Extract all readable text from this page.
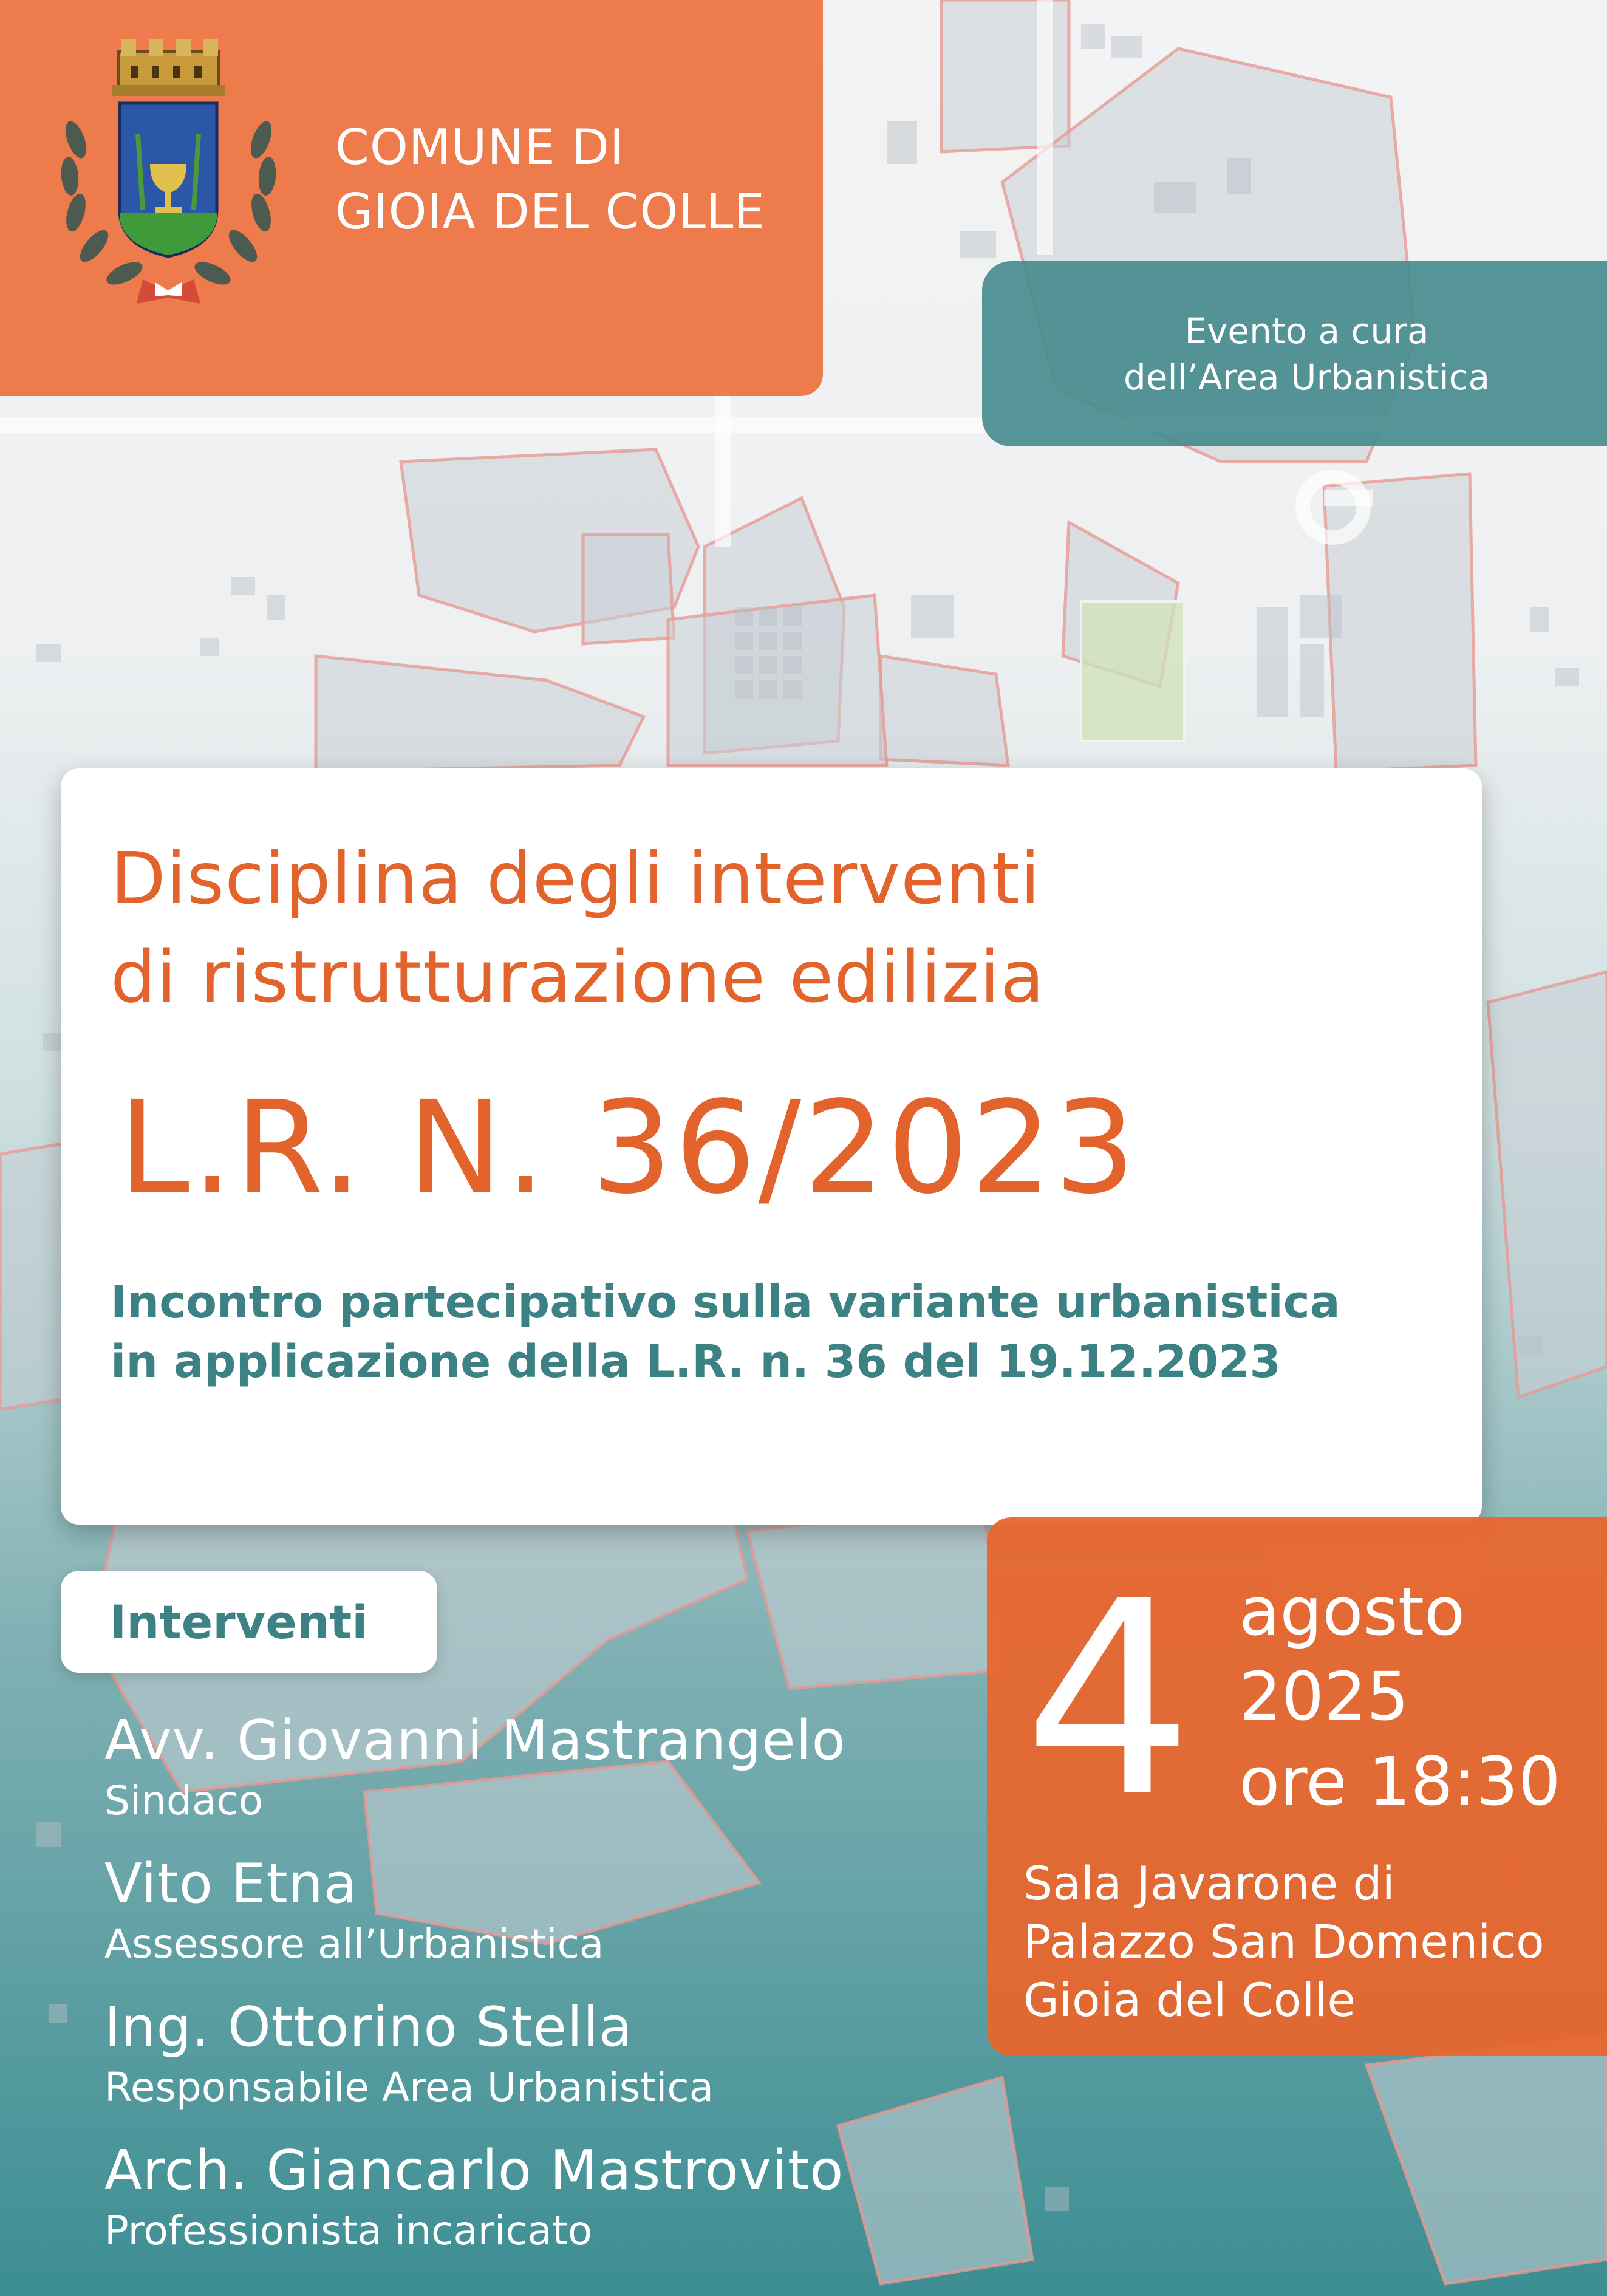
COMUNE DI
GIOIA DEL COLLE
Evento a cura
dell’Area Urbanistica
Disciplina degli interventi
di ristrutturazione edilizia
L.R. N. 36/2023
Incontro partecipativo sulla variante urbanistica
in applicazione della L.R. n. 36 del 19.12.2023
Interventi
Avv. Giovanni Mastrangelo
Sindaco
Vito Etna
Assessore all’Urbanistica
Ing. Ottorino Stella
Responsabile Area Urbanistica
Arch. Giancarlo Mastrovito
Professionista incaricato
4 agosto
2025
ore 18:30
Sala Javarone di
Palazzo San Domenico
Gioia del Colle
